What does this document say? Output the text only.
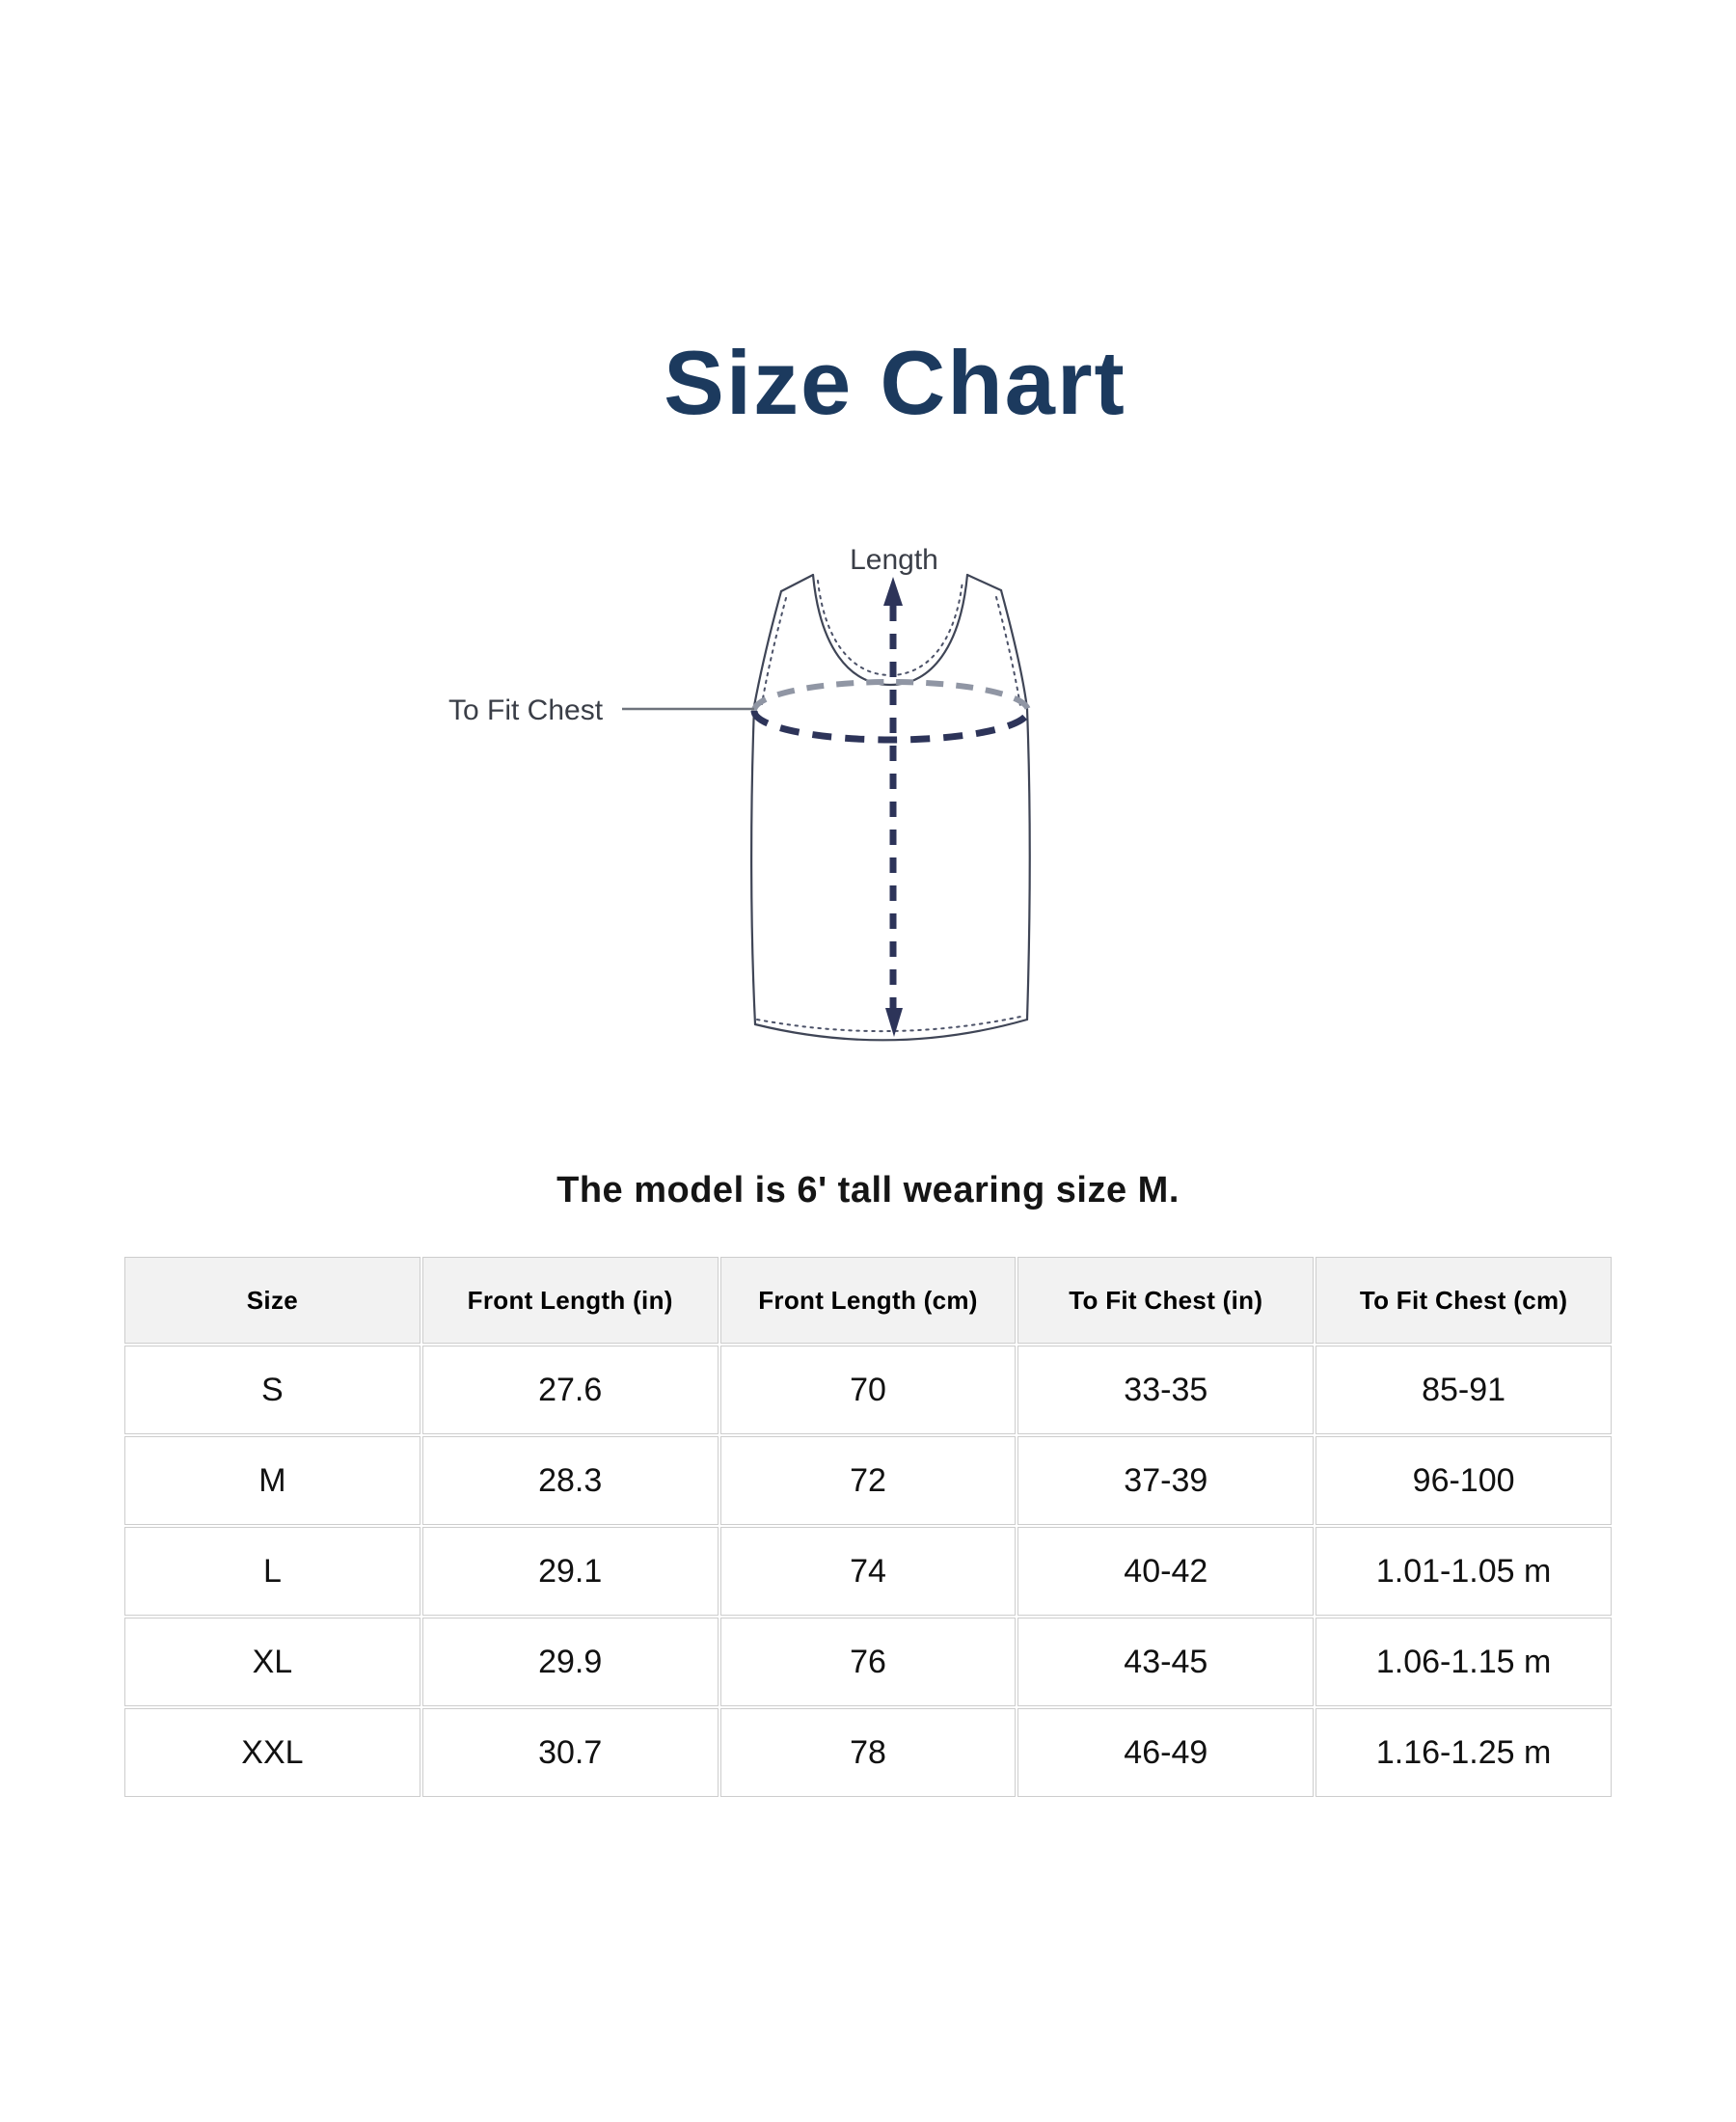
Size Chart
Length
To Fit Chest
The model is 6' tall wearing size M.
Size	Front Length (in)	Front Length (cm)	To Fit Chest (in)	To Fit Chest (cm)
S	27.6	70	33-35	85-91
M	28.3	72	37-39	96-100
L	29.1	74	40-42	1.01-1.05 m
XL	29.9	76	43-45	1.06-1.15 m
XXL	30.7	78	46-49	1.16-1.25 m
